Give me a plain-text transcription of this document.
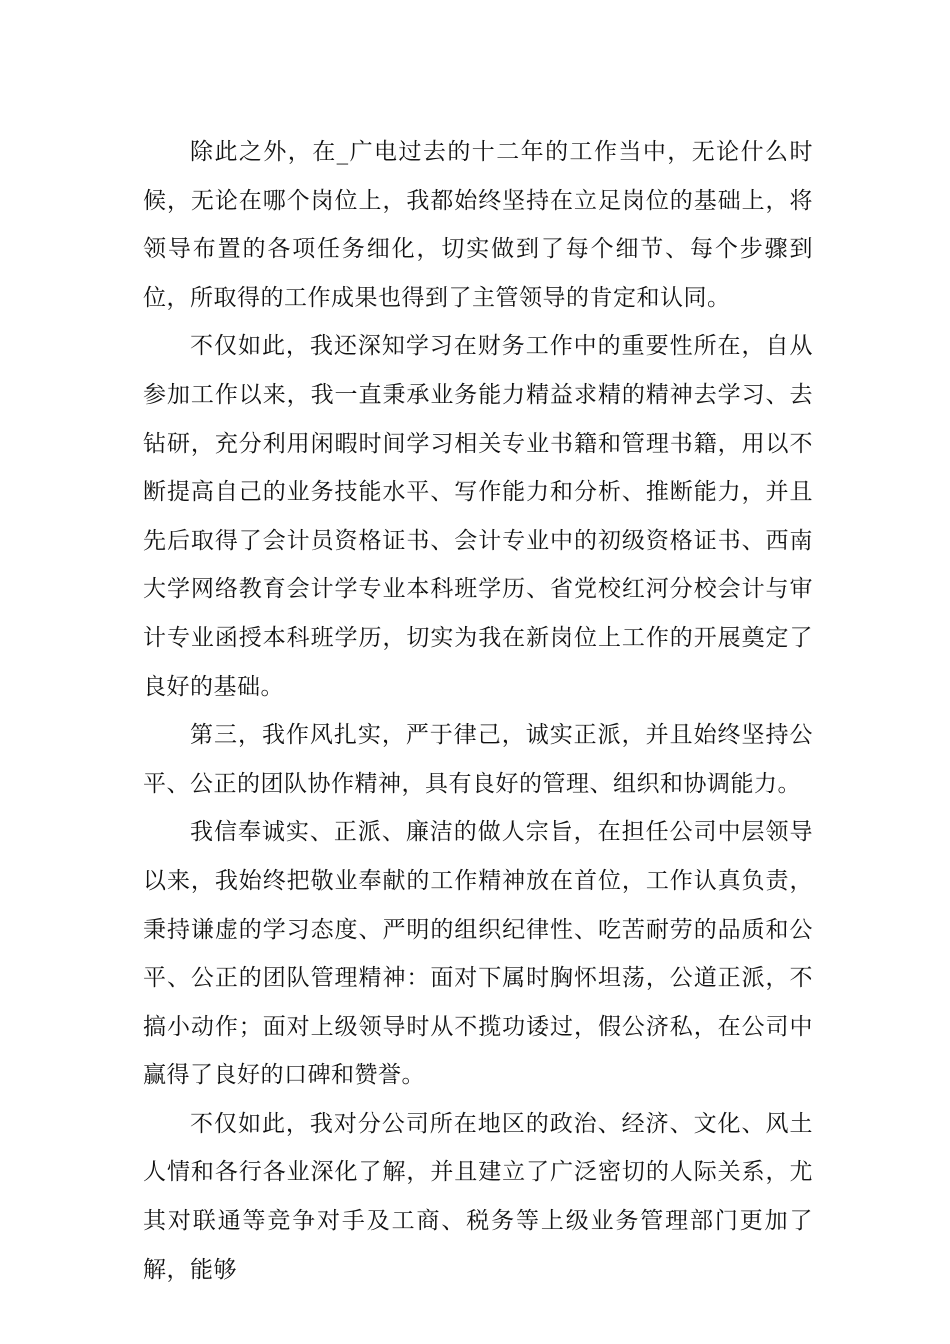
除此之外，在_广电过去的十二年的工作当中，无论什么时候，无论在哪个岗位上，我都始终坚持在立足岗位的基础上，将领导布置的各项任务细化，切实做到了每个细节、每个步骤到位，所取得的工作成果也得到了主管领导的肯定和认同。

不仅如此，我还深知学习在财务工作中的重要性所在，自从参加工作以来，我一直秉承业务能力精益求精的精神去学习、去钻研，充分利用闲暇时间学习相关专业书籍和管理书籍，用以不断提高自己的业务技能水平、写作能力和分析、推断能力，并且先后取得了会计员资格证书、会计专业中的初级资格证书、西南大学网络教育会计学专业本科班学历、省党校红河分校会计与审计专业函授本科班学历，切实为我在新岗位上工作的开展奠定了良好的基础。

第三，我作风扎实，严于律己，诚实正派，并且始终坚持公平、公正的团队协作精神，具有良好的管理、组织和协调能力。

我信奉诚实、正派、廉洁的做人宗旨，在担任公司中层领导以来，我始终把敬业奉献的工作精神放在首位，工作认真负责，秉持谦虚的学习态度、严明的组织纪律性、吃苦耐劳的品质和公平、公正的团队管理精神：面对下属时胸怀坦荡，公道正派，不搞小动作；面对上级领导时从不揽功诿过，假公济私，在公司中赢得了良好的口碑和赞誉。

不仅如此，我对分公司所在地区的政治、经济、文化、风土人情和各行各业深化了解，并且建立了广泛密切的人际关系，尤其对联通等竞争对手及工商、税务等上级业务管理部门更加了解，能够
